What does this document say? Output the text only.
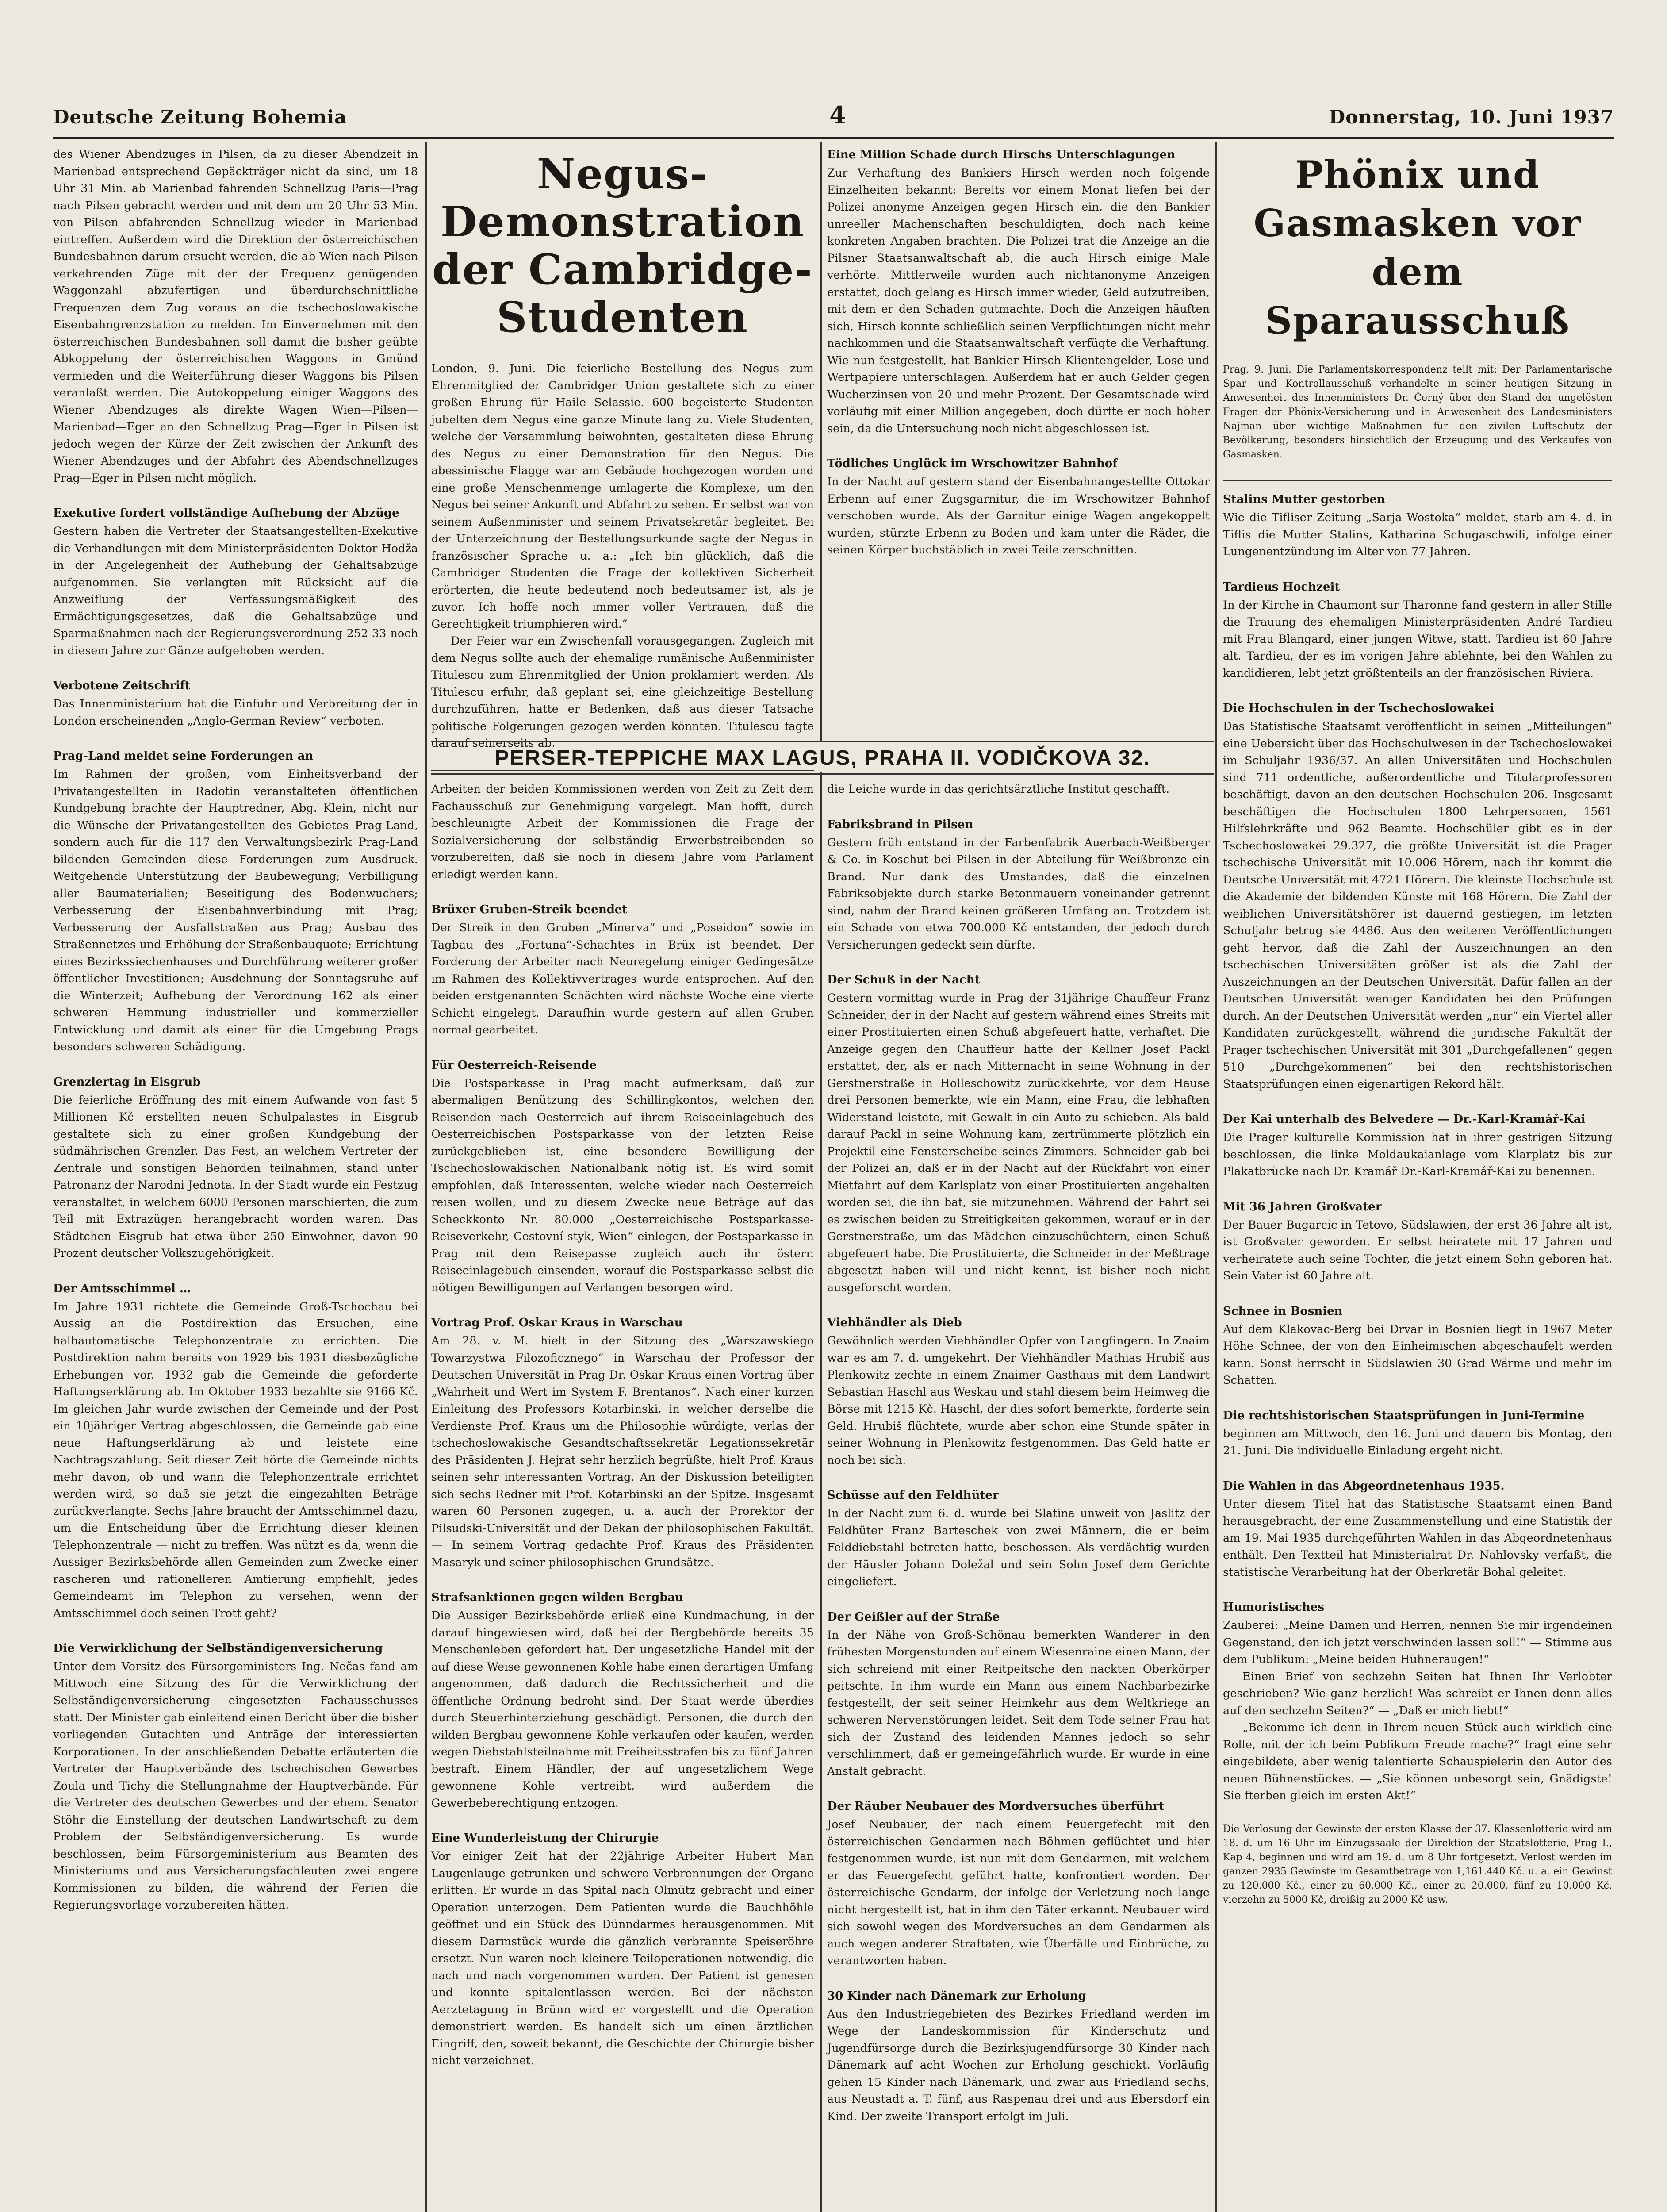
Deutsche Zeitung Bohemia	4	Donnerstag, 10. Juni 1937

des Wiener Abendzuges in Pilsen, da zu dieser Abendzeit in Marienbad entsprechend Gepäckträger nicht da sind, um 18 Uhr 31 Min. ab Marienbad fahrenden Schnellzug Paris—Prag nach Pilsen gebracht werden und mit dem um 20 Uhr 53 Min. von Pilsen abfahrenden Schnellzug wieder in Marienbad eintreffen. Außerdem wird die Direktion der österreichischen Bundesbahnen darum ersucht werden, die ab Wien nach Pilsen verkehrenden Züge mit der der Frequenz genügenden Waggonzahl abzufertigen und überdurchschnittliche Frequenzen dem Zug voraus an die tschechoslowakische Eisenbahngrenzstation zu melden. Im Einvernehmen mit den österreichischen Bundesbahnen soll damit die bisher geübte Abkoppelung der österreichischen Waggons in Gmünd vermieden und die Weiterführung dieser Waggons bis Pilsen veranlaßt werden. Die Autokoppelung einiger Waggons des Wiener Abendzuges als direkte Wagen Wien—Pilsen—Marienbad—Eger an den Schnellzug Prag—Eger in Pilsen ist jedoch wegen der Kürze der Zeit zwischen der Ankunft des Wiener Abendzuges und der Abfahrt des Abendschnellzuges Prag—Eger in Pilsen nicht möglich.

Exekutive fordert vollständige Aufhebung der Abzüge

Gestern haben die Vertreter der Staatsangestellten-Exekutive die Verhandlungen mit dem Ministerpräsidenten Doktor Hodža in der Angelegenheit der Aufhebung der Gehaltsabzüge aufgenommen. Sie verlangten mit Rücksicht auf die Anzweiflung der Verfassungsmäßigkeit des Ermächtigungsgesetzes, daß die Gehaltsabzüge und Sparmaßnahmen nach der Regierungsverordnung 252-33 noch in diesem Jahre zur Gänze aufgehoben werden.

Verbotene Zeitschrift

Das Innenministerium hat die Einfuhr und Verbreitung der in London erscheinenden „Anglo-German Review“ verboten.

Prag-Land meldet seine Forderungen an

Im Rahmen der großen, vom Einheitsverband der Privatangestellten in Radotin veranstalteten öffentlichen Kundgebung brachte der Hauptredner, Abg. Klein, nicht nur die Wünsche der Privatangestellten des Gebietes Prag-Land, sondern auch für die 117 den Verwaltungsbezirk Prag-Land bildenden Gemeinden diese Forderungen zum Ausdruck. Weitgehende Unterstützung der Baubewegung; Verbilligung aller Baumaterialien; Beseitigung des Bodenwuchers; Verbesserung der Eisenbahnverbindung mit Prag; Verbesserung der Ausfallstraßen aus Prag; Ausbau des Straßennetzes und Erhöhung der Straßenbauquote; Errichtung eines Bezirkssiechenhauses und Durchführung weiterer großer öffentlicher Investitionen; Ausdehnung der Sonntagsruhe auf die Winterzeit; Aufhebung der Verordnung 162 als einer schweren Hemmung industrieller und kommerzieller Entwicklung und damit als einer für die Umgebung Prags besonders schweren Schädigung.

Grenzlertag in Eisgrub

Die feierliche Eröffnung des mit einem Aufwande von fast 5 Millionen Kč erstellten neuen Schulpalastes in Eisgrub gestaltete sich zu einer großen Kundgebung der südmährischen Grenzler. Das Fest, an welchem Vertreter der Zentrale und sonstigen Behörden teilnahmen, stand unter Patronanz der Narodni Jednota. In der Stadt wurde ein Festzug veranstaltet, in welchem 6000 Personen marschierten, die zum Teil mit Extrazügen herangebracht worden waren. Das Städtchen Eisgrub hat etwa über 250 Einwohner, davon 90 Prozent deutscher Volkszugehörigkeit.

Der Amtsschimmel …

Im Jahre 1931 richtete die Gemeinde Groß-Tschochau bei Aussig an die Postdirektion das Ersuchen, eine halbautomatische Telephonzentrale zu errichten. Die Postdirektion nahm bereits von 1929 bis 1931 diesbezügliche Erhebungen vor. 1932 gab die Gemeinde die geforderte Haftungserklärung ab. Im Oktober 1933 bezahlte sie 9166 Kč. Im gleichen Jahr wurde zwischen der Gemeinde und der Post ein 10jähriger Vertrag abgeschlossen, die Gemeinde gab eine neue Haftungserklärung ab und leistete eine Nachtragszahlung. Seit dieser Zeit hörte die Gemeinde nichts mehr davon, ob und wann die Telephonzentrale errichtet werden wird, so daß sie jetzt die eingezahlten Beträge zurückverlangte. Sechs Jahre braucht der Amtsschimmel dazu, um die Entscheidung über die Errichtung dieser kleinen Telephonzentrale — nicht zu treffen. Was nützt es da, wenn die Aussiger Bezirksbehörde allen Gemeinden zum Zwecke einer rascheren und rationelleren Amtierung empfiehlt, jedes Gemeindeamt im Telephon zu versehen, wenn der Amtsschimmel doch seinen Trott geht?

Die Verwirklichung der Selbständigenversicherung

Unter dem Vorsitz des Fürsorgeministers Ing. Nečas fand am Mittwoch eine Sitzung des für die Verwirklichung der Selbständigenversicherung eingesetzten Fachausschusses statt. Der Minister gab einleitend einen Bericht über die bisher vorliegenden Gutachten und Anträge der interessierten Korporationen. In der anschließenden Debatte erläuterten die Vertreter der Hauptverbände des tschechischen Gewerbes Zoula und Tichy die Stellungnahme der Hauptverbände. Für die Vertreter des deutschen Gewerbes und der ehem. Senator Stöhr die Einstellung der deutschen Landwirtschaft zu dem Problem der Selbständigenversicherung. Es wurde beschlossen, beim Fürsorgeministerium aus Beamten des Ministeriums und aus Versicherungsfachleuten zwei engere Kommissionen zu bilden, die während der Ferien die Regierungsvorlage vorzubereiten hätten.

Negus-Demonstration der Cambridge-Studenten

London, 9. Juni. Die feierliche Bestellung des Negus zum Ehrenmitglied der Cambridger Union gestaltete sich zu einer großen Ehrung für Haile Selassie. 600 begeisterte Studenten jubelten dem Negus eine ganze Minute lang zu. Viele Studenten, welche der Versammlung beiwohnten, gestalteten diese Ehrung des Negus zu einer Demonstration für den Negus. Die abessinische Flagge war am Gebäude hochgezogen worden und eine große Menschenmenge umlagerte die Komplexe, um den Negus bei seiner Ankunft und Abfahrt zu sehen. Er selbst war von seinem Außenminister und seinem Privatsekretär begleitet. Bei der Unterzeichnung der Bestellungsurkunde sagte der Negus in französischer Sprache u. a.: „Ich bin glücklich, daß die Cambridger Studenten die Frage der kollektiven Sicherheit erörterten, die heute bedeutend noch bedeutsamer ist, als je zuvor. Ich hoffe noch immer voller Vertrauen, daß die Gerechtigkeit triumphieren wird.“

Der Feier war ein Zwischenfall vorausgegangen. Zugleich mit dem Negus sollte auch der ehemalige rumänische Außenminister Titulescu zum Ehrenmitglied der Union proklamiert werden. Als Titulescu erfuhr, daß geplant sei, eine gleichzeitige Bestellung durchzuführen, hatte er Bedenken, daß aus dieser Tatsache politische Folgerungen gezogen werden könnten. Titulescu fagte darauf seinerseits ab.

Eine Million Schade durch Hirschs Unterschlagungen

Zur Verhaftung des Bankiers Hirsch werden noch folgende Einzelheiten bekannt: Bereits vor einem Monat liefen bei der Polizei anonyme Anzeigen gegen Hirsch ein, die den Bankier unreeller Machenschaften beschuldigten, doch nach keine konkreten Angaben brachten. Die Polizei trat die Anzeige an die Pilsner Staatsanwaltschaft ab, die auch Hirsch einige Male verhörte. Mittlerweile wurden auch nichtanonyme Anzeigen erstattet, doch gelang es Hirsch immer wieder, Geld aufzutreiben, mit dem er den Schaden gutmachte. Doch die Anzeigen häuften sich, Hirsch konnte schließlich seinen Verpflichtungen nicht mehr nachkommen und die Staatsanwaltschaft verfügte die Verhaftung. Wie nun festgestellt, hat Bankier Hirsch Klientengelder, Lose und Wertpapiere unterschlagen. Außerdem hat er auch Gelder gegen Wucherzinsen von 20 und mehr Prozent. Der Gesamtschade wird vorläufig mit einer Million angegeben, doch dürfte er noch höher sein, da die Untersuchung noch nicht abgeschlossen ist.

Tödliches Unglück im Wrschowitzer Bahnhof

In der Nacht auf gestern stand der Eisenbahnangestellte Ottokar Erbenn auf einer Zugsgarnitur, die im Wrschowitzer Bahnhof verschoben wurde. Als der Garnitur einige Wagen angekoppelt wurden, stürzte Erbenn zu Boden und kam unter die Räder, die seinen Körper buchstäblich in zwei Teile zerschnitten.

PERSER-TEPPICHE MAX LAGUS, PRAHA II. VODIČKOVA 32.

Arbeiten der beiden Kommissionen werden von Zeit zu Zeit dem Fachausschuß zur Genehmigung vorgelegt. Man hofft, durch beschleunigte Arbeit der Kommissionen die Frage der Sozialversicherung der selbständig Erwerbstreibenden so vorzubereiten, daß sie noch in diesem Jahre vom Parlament erledigt werden kann.

Brüxer Gruben-Streik beendet

Der Streik in den Gruben „Minerva“ und „Poseidon“ sowie im Tagbau des „Fortuna“-Schachtes in Brüx ist beendet. Der Forderung der Arbeiter nach Neuregelung einiger Gedingesätze im Rahmen des Kollektivvertrages wurde entsprochen. Auf den beiden erstgenannten Schächten wird nächste Woche eine vierte Schicht eingelegt. Daraufhin wurde gestern auf allen Gruben normal gearbeitet.

Für Oesterreich-Reisende

Die Postsparkasse in Prag macht aufmerksam, daß zur abermaligen Benützung des Schillingkontos, welchen den Reisenden nach Oesterreich auf ihrem Reiseeinlagebuch des Oesterreichischen Postsparkasse von der letzten Reise zurückgeblieben ist, eine besondere Bewilligung der Tschechoslowakischen Nationalbank nötig ist. Es wird somit empfohlen, daß Interessenten, welche wieder nach Oesterreich reisen wollen, und zu diesem Zwecke neue Beträge auf das Scheckkonto Nr. 80.000 „Oesterreichische Postsparkasse-Reiseverkehr, Cestovní styk, Wien“ einlegen, der Postsparkasse in Prag mit dem Reisepasse zugleich auch ihr österr. Reiseeinlagebuch einsenden, worauf die Postsparkasse selbst die nötigen Bewilligungen auf Verlangen besorgen wird.

Vortrag Prof. Oskar Kraus in Warschau

Am 28. v. M. hielt in der Sitzung des „Warszawskiego Towarzystwa Filozoficznego“ in Warschau der Professor der Deutschen Universität in Prag Dr. Oskar Kraus einen Vortrag über „Wahrheit und Wert im System F. Brentanos“. Nach einer kurzen Einleitung des Professors Kotarbinski, in welcher derselbe die Verdienste Prof. Kraus um die Philosophie würdigte, verlas der tschechoslowakische Gesandtschaftssekretär Legationssekretär des Präsidenten J. Hejrat sehr herzlich begrüßte, hielt Prof. Kraus seinen sehr interessanten Vortrag. An der Diskussion beteiligten sich sechs Redner mit Prof. Kotarbinski an der Spitze. Insgesamt waren 60 Personen zugegen, u. a. auch der Prorektor der Pilsudski-Universität und der Dekan der philosophischen Fakultät. — In seinem Vortrag gedachte Prof. Kraus des Präsidenten Masaryk und seiner philosophischen Grundsätze.

Strafsanktionen gegen wilden Bergbau

Die Aussiger Bezirksbehörde erließ eine Kundmachung, in der darauf hingewiesen wird, daß bei der Bergbehörde bereits 35 Menschenleben gefordert hat. Der ungesetzliche Handel mit der auf diese Weise gewonnenen Kohle habe einen derartigen Umfang angenommen, daß dadurch die Rechtssicherheit und die öffentliche Ordnung bedroht sind. Der Staat werde überdies durch Steuerhinterziehung geschädigt. Personen, die durch den wilden Bergbau gewonnene Kohle verkaufen oder kaufen, werden wegen Diebstahlsteilnahme mit Freiheitsstrafen bis zu fünf Jahren bestraft. Einem Händler, der auf ungesetzlichem Wege gewonnene Kohle vertreibt, wird außerdem die Gewerbeberechtigung entzogen.

Eine Wunderleistung der Chirurgie

Vor einiger Zeit hat der 22jährige Arbeiter Hubert Man Laugenlauge getrunken und schwere Verbrennungen der Organe erlitten. Er wurde in das Spital nach Olmütz gebracht und einer Operation unterzogen. Dem Patienten wurde die Bauchhöhle geöffnet und ein Stück des Dünndarmes herausgenommen. Mit diesem Darmstück wurde die gänzlich verbrannte Speiseröhre ersetzt. Nun waren noch kleinere Teiloperationen notwendig, die nach und nach vorgenommen wurden. Der Patient ist genesen und konnte spitalentlassen werden. Bei der nächsten Aerztetagung in Brünn wird er vorgestellt und die Operation demonstriert werden. Es handelt sich um einen ärztlichen Eingriff, den, soweit bekannt, die Geschichte der Chirurgie bisher nicht verzeichnet.

die Leiche wurde in das gerichtsärztliche Institut geschafft.

Fabriksbrand in Pilsen

Gestern früh entstand in der Farbenfabrik Auerbach-Weißberger & Co. in Koschut bei Pilsen in der Abteilung für Weißbronze ein Brand. Nur dank des Umstandes, daß die einzelnen Fabriksobjekte durch starke Betonmauern voneinander getrennt sind, nahm der Brand keinen größeren Umfang an. Trotzdem ist ein Schade von etwa 700.000 Kč entstanden, der jedoch durch Versicherungen gedeckt sein dürfte.

Der Schuß in der Nacht

Gestern vormittag wurde in Prag der 31jährige Chauffeur Franz Schneider, der in der Nacht auf gestern während eines Streits mit einer Prostituierten einen Schuß abgefeuert hatte, verhaftet. Die Anzeige gegen den Chauffeur hatte der Kellner Josef Packl erstattet, der, als er nach Mitternacht in seine Wohnung in der Gerstnerstraße in Holleschowitz zurückkehrte, vor dem Hause drei Personen bemerkte, wie ein Mann, eine Frau, die lebhaften Widerstand leistete, mit Gewalt in ein Auto zu schieben. Als bald darauf Packl in seine Wohnung kam, zertrümmerte plötzlich ein Projektil eine Fensterscheibe seines Zimmers. Schneider gab bei der Polizei an, daß er in der Nacht auf der Rückfahrt von einer Mietfahrt auf dem Karlsplatz von einer Prostituierten angehalten worden sei, die ihn bat, sie mitzunehmen. Während der Fahrt sei es zwischen beiden zu Streitigkeiten gekommen, worauf er in der Gerstnerstraße, um das Mädchen einzuschüchtern, einen Schuß abgefeuert habe. Die Prostituierte, die Schneider in der Meßtrage abgesetzt haben will und nicht kennt, ist bisher noch nicht ausgeforscht worden.

Viehhändler als Dieb

Gewöhnlich werden Viehhändler Opfer von Langfingern. In Znaim war es am 7. d. umgekehrt. Der Viehhändler Mathias Hrubiš aus Plenkowitz zechte in einem Znaimer Gasthaus mit dem Landwirt Sebastian Haschl aus Weskau und stahl diesem beim Heimweg die Börse mit 1215 Kč. Haschl, der dies sofort bemerkte, forderte sein Geld. Hrubiš flüchtete, wurde aber schon eine Stunde später in seiner Wohnung in Plenkowitz festgenommen. Das Geld hatte er noch bei sich.

Schüsse auf den Feldhüter

In der Nacht zum 6. d. wurde bei Slatina unweit von Jaslitz der Feldhüter Franz Barteschek von zwei Männern, die er beim Felddiebstahl betreten hatte, beschossen. Als verdächtig wurden der Häusler Johann Doležal und sein Sohn Josef dem Gerichte eingeliefert.

Der Geißler auf der Straße

In der Nähe von Groß-Schönau bemerkten Wanderer in den frühesten Morgenstunden auf einem Wiesenraine einen Mann, der sich schreiend mit einer Reitpeitsche den nackten Oberkörper peitschte. In ihm wurde ein Mann aus einem Nachbarbezirke festgestellt, der seit seiner Heimkehr aus dem Weltkriege an schweren Nervenstörungen leidet. Seit dem Tode seiner Frau hat sich der Zustand des leidenden Mannes jedoch so sehr verschlimmert, daß er gemeingefährlich wurde. Er wurde in eine Anstalt gebracht.

Der Räuber Neubauer des Mordversuches überführt

Josef Neubauer, der nach einem Feuergefecht mit den österreichischen Gendarmen nach Böhmen geflüchtet und hier festgenommen wurde, ist nun mit dem Gendarmen, mit welchem er das Feuergefecht geführt hatte, konfrontiert worden. Der österreichische Gendarm, der infolge der Verletzung noch lange nicht hergestellt ist, hat in ihm den Täter erkannt. Neubauer wird sich sowohl wegen des Mordversuches an dem Gendarmen als auch wegen anderer Straftaten, wie Überfälle und Einbrüche, zu verantworten haben.

30 Kinder nach Dänemark zur Erholung

Aus den Industriegebieten des Bezirkes Friedland werden im Wege der Landeskommission für Kinderschutz und Jugendfürsorge durch die Bezirksjugendfürsorge 30 Kinder nach Dänemark auf acht Wochen zur Erholung geschickt. Vorläufig gehen 15 Kinder nach Dänemark, und zwar aus Friedland sechs, aus Neustadt a. T. fünf, aus Raspenau drei und aus Ebersdorf ein Kind. Der zweite Transport erfolgt im Juli.

Phönix und Gasmasken vor dem Sparausschuß

Prag, 9. Juni. Die Parlamentskorrespondenz teilt mit: Der Parlamentarische Spar- und Kontrollausschuß verhandelte in seiner heutigen Sitzung in Anwesenheit des Innenministers Dr. Černý über den Stand der ungelösten Fragen der Phönix-Versicherung und in Anwesenheit des Landesministers Najman über wichtige Maßnahmen für den zivilen Luftschutz der Bevölkerung, besonders hinsichtlich der Erzeugung und des Verkaufes von Gasmasken.

Stalins Mutter gestorben

Wie die Tifliser Zeitung „Sarja Wostoka“ meldet, starb am 4. d. in Tiflis die Mutter Stalins, Katharina Schugaschwili, infolge einer Lungenentzündung im Alter von 77 Jahren.

Tardieus Hochzeit

In der Kirche in Chaumont sur Tharonne fand gestern in aller Stille die Trauung des ehemaligen Ministerpräsidenten André Tardieu mit Frau Blangard, einer jungen Witwe, statt. Tardieu ist 60 Jahre alt. Tardieu, der es im vorigen Jahre ablehnte, bei den Wahlen zu kandidieren, lebt jetzt größtenteils an der französischen Riviera.

Die Hochschulen in der Tschechoslowakei

Das Statistische Staatsamt veröffentlicht in seinen „Mitteilungen“ eine Uebersicht über das Hochschulwesen in der Tschechoslowakei im Schuljahr 1936/37. An allen Universitäten und Hochschulen sind 711 ordentliche, außerordentliche und Titularprofessoren beschäftigt, davon an den deutschen Hochschulen 206. Insgesamt beschäftigen die Hochschulen 1800 Lehrpersonen, 1561 Hilfslehrkräfte und 962 Beamte. Hochschüler gibt es in der Tschechoslowakei 29.327, die größte Universität ist die Prager tschechische Universität mit 10.006 Hörern, nach ihr kommt die Deutsche Universität mit 4721 Hörern. Die kleinste Hochschule ist die Akademie der bildenden Künste mit 168 Hörern. Die Zahl der weiblichen Universitätshörer ist dauernd gestiegen, im letzten Schuljahr betrug sie 4486. Aus den weiteren Veröffentlichungen geht hervor, daß die Zahl der Auszeichnungen an den tschechischen Universitäten größer ist als die Zahl der Auszeichnungen an der Deutschen Universität. Dafür fallen an der Deutschen Universität weniger Kandidaten bei den Prüfungen durch. An der Deutschen Universität werden „nur“ ein Viertel aller Kandidaten zurückgestellt, während die juridische Fakultät der Prager tschechischen Universität mit 301 „Durchgefallenen“ gegen 510 „Durchgekommenen“ bei den rechtshistorischen Staatsprüfungen einen eigenartigen Rekord hält.

Der Kai unterhalb des Belvedere — Dr.-Karl-Kramář-Kai

Die Prager kulturelle Kommission hat in ihrer gestrigen Sitzung beschlossen, die linke Moldaukaianlage vom Klarplatz bis zur Plakatbrücke nach Dr. Kramář Dr.-Karl-Kramář-Kai zu benennen.

Mit 36 Jahren Großvater

Der Bauer Bugarcic in Tetovo, Südslawien, der erst 36 Jahre alt ist, ist Großvater geworden. Er selbst heiratete mit 17 Jahren und verheiratete auch seine Tochter, die jetzt einem Sohn geboren hat. Sein Vater ist 60 Jahre alt.

Schnee in Bosnien

Auf dem Klakovac-Berg bei Drvar in Bosnien liegt in 1967 Meter Höhe Schnee, der von den Einheimischen abgeschaufelt werden kann. Sonst herrscht in Südslawien 30 Grad Wärme und mehr im Schatten.

Die rechtshistorischen Staatsprüfungen in Juni-Termine

beginnen am Mittwoch, den 16. Juni und dauern bis Montag, den 21. Juni. Die individuelle Einladung ergeht nicht.

Die Wahlen in das Abgeordnetenhaus 1935.

Unter diesem Titel hat das Statistische Staatsamt einen Band herausgebracht, der eine Zusammenstellung und eine Statistik der am 19. Mai 1935 durchgeführten Wahlen in das Abgeordnetenhaus enthält. Den Textteil hat Ministerialrat Dr. Nahlovsky verfaßt, die statistische Verarbeitung hat der Oberkretär Bohal geleitet.

Humoristisches

Zauberei: „Meine Damen und Herren, nennen Sie mir irgendeinen Gegenstand, den ich jetzt verschwinden lassen soll!“ — Stimme aus dem Publikum: „Meine beiden Hühneraugen!“

Einen Brief von sechzehn Seiten hat Ihnen Ihr Verlobter geschrieben? Wie ganz herzlich! Was schreibt er Ihnen denn alles auf den sechzehn Seiten?“ — „Daß er mich liebt!“

„Bekomme ich denn in Ihrem neuen Stück auch wirklich eine Rolle, mit der ich beim Publikum Freude mache?“ fragt eine sehr eingebildete, aber wenig talentierte Schauspielerin den Autor des neuen Bühnenstückes. — „Sie können unbesorgt sein, Gnädigste! Sie fterben gleich im ersten Akt!“

Die Verlosung der Gewinste der ersten Klasse der 37. Klassenlotterie wird am 18. d. um 16 Uhr im Einzugssaale der Direktion der Staatslotterie, Prag I., Kap 4, beginnen und wird am 19. d. um 8 Uhr fortgesetzt. Verlost werden im ganzen 2935 Gewinste im Gesamtbetrage von 1,161.440 Kč. u. a. ein Gewinst zu 120.000 Kč., einer zu 60.000 Kč., einer zu 20.000, fünf zu 10.000 Kč, vierzehn zu 5000 Kč, dreißig zu 2000 Kč usw.
